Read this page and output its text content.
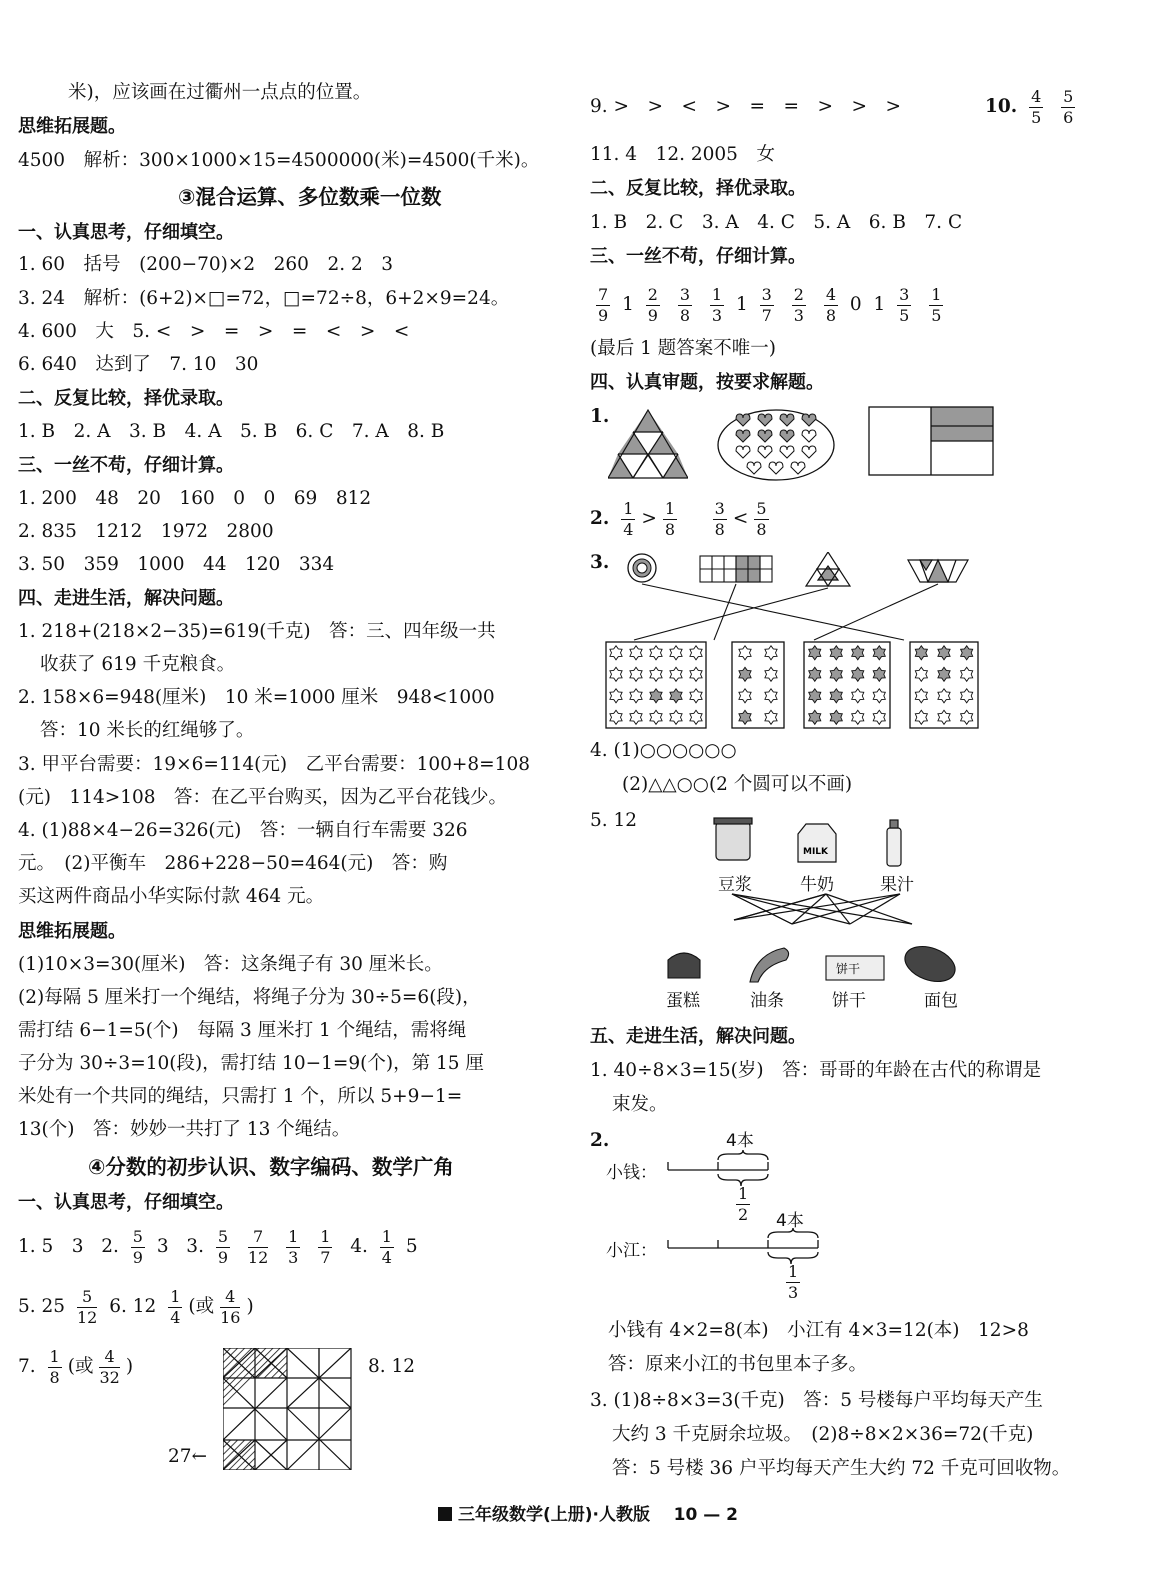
米)，应该画在过衢州一点点的位置。
思维拓展题。
4500　解析：300×1000×15=4500000(米)=4500(千米)。
③混合运算、多位数乘一位数
一、认真思考，仔细填空。
1. 60　括号　(200−70)×2　260　2. 2　3
3. 24　解析：(6+2)×□=72，□=72÷8，6+2×9=24。
4. 600　大　5. <　>　=　>　=　<　>　<
6. 640　达到了　7. 10　30
二、反复比较，择优录取。
1. B　2. A　3. B　4. A　5. B　6. C　7. A　8. B
三、一丝不苟，仔细计算。
1. 200　48　20　160　0　0　69　812
2. 835　1212　1972　2800
3. 50　359　1000　44　120　334
四、走进生活，解决问题。
1. 218+(218×2−35)=619(千克)　答：三、四年级一共
收获了 619 千克粮食。
2. 158×6=948(厘米)　10 米=1000 厘米　948<1000
答：10 米长的红绳够了。
3. 甲平台需要：19×6=114(元)　乙平台需要：100+8=108
(元)　114>108　答：在乙平台购买，因为乙平台花钱少。
4. (1)88×4−26=326(元)　答：一辆自行车需要 326
元。　(2)平衡车　286+228−50=464(元)　答：购
买这两件商品小华实际付款 464 元。
思维拓展题。
(1)10×3=30(厘米)　答：这条绳子有 30 厘米长。
(2)每隔 5 厘米打一个绳结，将绳子分为 30÷5=6(段)，
需打结 6−1=5(个)　每隔 3 厘米打 1 个绳结，需将绳
子分为 30÷3=10(段)，需打结 10−1=9(个)，第 15 厘
米处有一个共同的绳结，只需打 1 个，所以 5+9−1=
13(个)　答：妙妙一共打了 13 个绳结。
④分数的初步认识、数字编码、数学广角
一、认真思考，仔细填空。
1. 5　3 2. $\frac{5}{9} 3$ 3. $\frac{5}{9}$
$\frac{7}{12}$
$\frac{1}{3}$
$\frac{1}{7} 4$. $\frac{1}{4} 5$
5. $25 \frac{5}{12} 6$. $12 \frac{1}{4}$ (或 $\frac{4}{16}$ )
7. $\frac{1}{8}$ (或 $\frac{4}{32}$ )	8. 12
27←
9. >　>　<　>　=　=　>　>　>	10. $\frac{4}{5}$
$\frac{5}{6}$
11. 4　12. 2005　女
二、反复比较，择优录取。
1. B　2. C　3. A　4. C　5. A　6. B　7. C
三、一丝不苟，仔细计算。
$\frac{7}{9} 1 \frac{2}{9}$
$\frac{3}{8}$
$\frac{1}{3} 1 \frac{3}{7}$
$\frac{2}{3}$
$\frac{4}{8} 0$ $1 \frac{3}{5}$
$\frac{1}{5}$
(最后 1 题答案不唯一)
四、认真审题，按要求解题。
1.
2. $\frac{1}{4} > \frac{1}{8}$
$\frac{3}{8} < \frac{5}{8}$
3.
4. (1)○○○○○○
(2)△△○○(2 个圆可以不画)
5. 12
MILK
豆浆	牛奶	果汁
饼干
蛋糕	油条	饼干	面包
五、走进生活，解决问题。
1. 40÷8×3=15(岁)　答：哥哥的年龄在古代的称谓是
束发。
2.	4本
小钱：
$\frac{1}{2} 4$本
小江：
$\frac{1}{3}$
小钱有 4×2=8(本)　小江有 4×3=12(本)　12>8
答：原来小江的书包里本子多。
3. (1)8÷8×3=3(千克)　答：5 号楼每户平均每天产生
大约 3 千克厨余垃圾。　(2)8÷8×2×36=72(千克)
答：5 号楼 36 户平均每天产生大约 72 千克可回收物。
三年级数学(上册)·人教版 10 — 2
